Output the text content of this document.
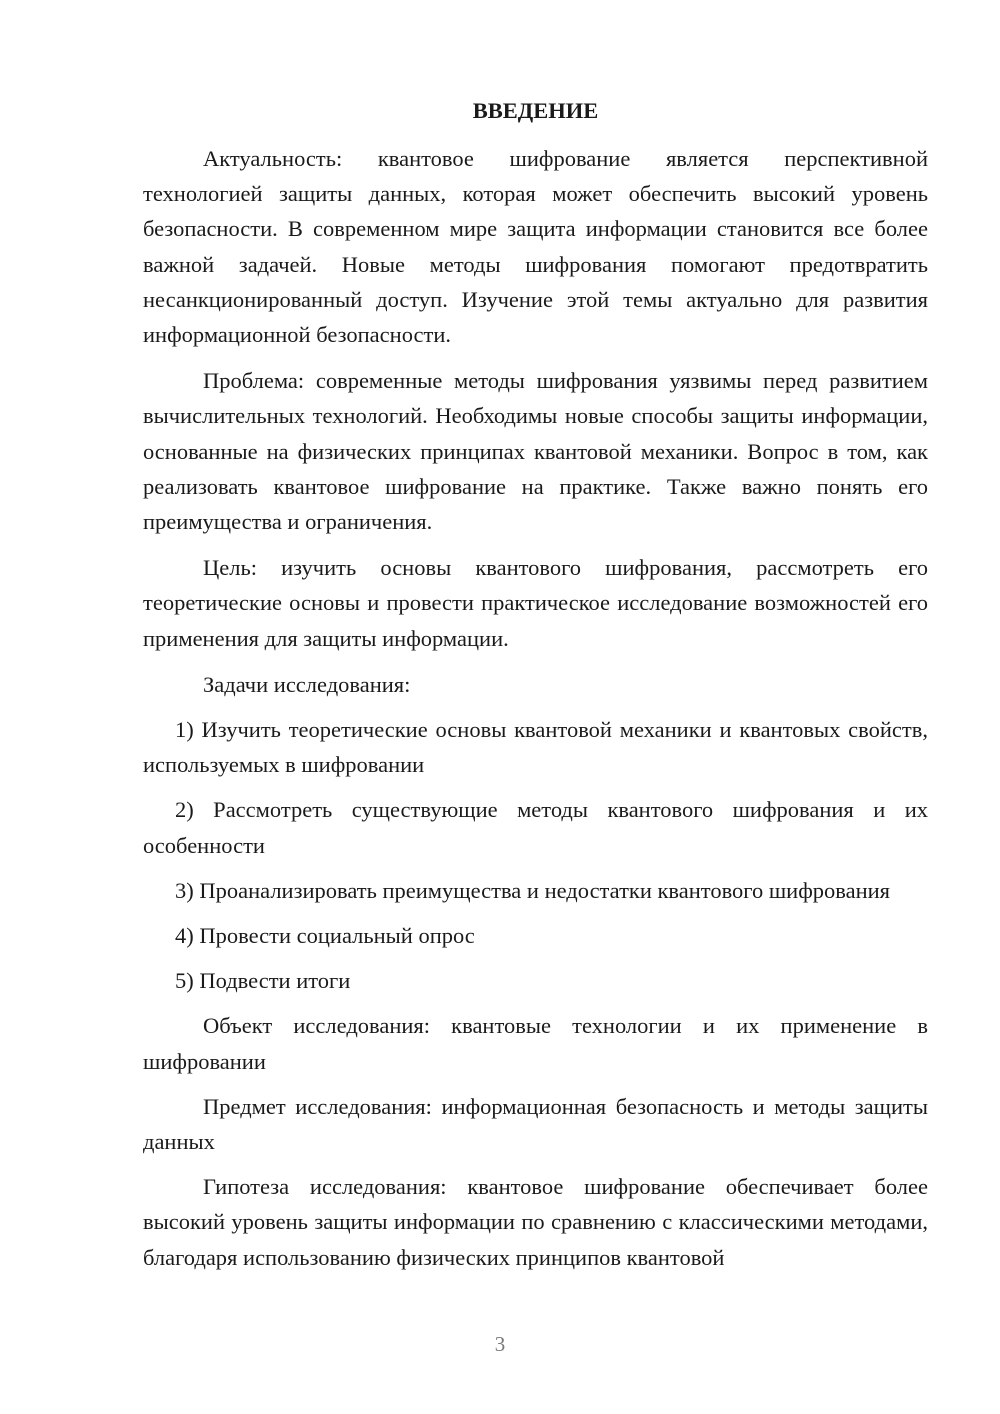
ВВЕДЕНИЕ

Актуальность: квантовое шифрование является перспективной технологией защиты данных, которая может обеспечить высокий уровень безопасности. В современном мире защита информации становится все более важной задачей. Новые методы шифрования помогают предотвратить несанкционированный доступ. Изучение этой темы актуально для развития информационной безопасности.

Проблема: современные методы шифрования уязвимы перед развитием вычислительных технологий. Необходимы новые способы защиты информации, основанные на физических принципах квантовой механики. Вопрос в том, как реализовать квантовое шифрование на практике. Также важно понять его преимущества и ограничения.

Цель: изучить основы квантового шифрования, рассмотреть его теоретические основы и провести практическое исследование возможностей его применения для защиты информации.

Задачи исследования:

1) Изучить теоретические основы квантовой механики и квантовых свойств, используемых в шифровании

2) Рассмотреть существующие методы квантового шифрования и их особенности

3) Проанализировать преимущества и недостатки квантового шифрования

4) Провести социальный опрос

5) Подвести итоги

Объект исследования: квантовые технологии и их применение в шифровании

Предмет исследования: информационная безопасность и методы защиты данных

Гипотеза исследования: квантовое шифрование обеспечивает более высокий уровень защиты информации по сравнению с классическими методами, благодаря использованию физических принципов квантовой

3
